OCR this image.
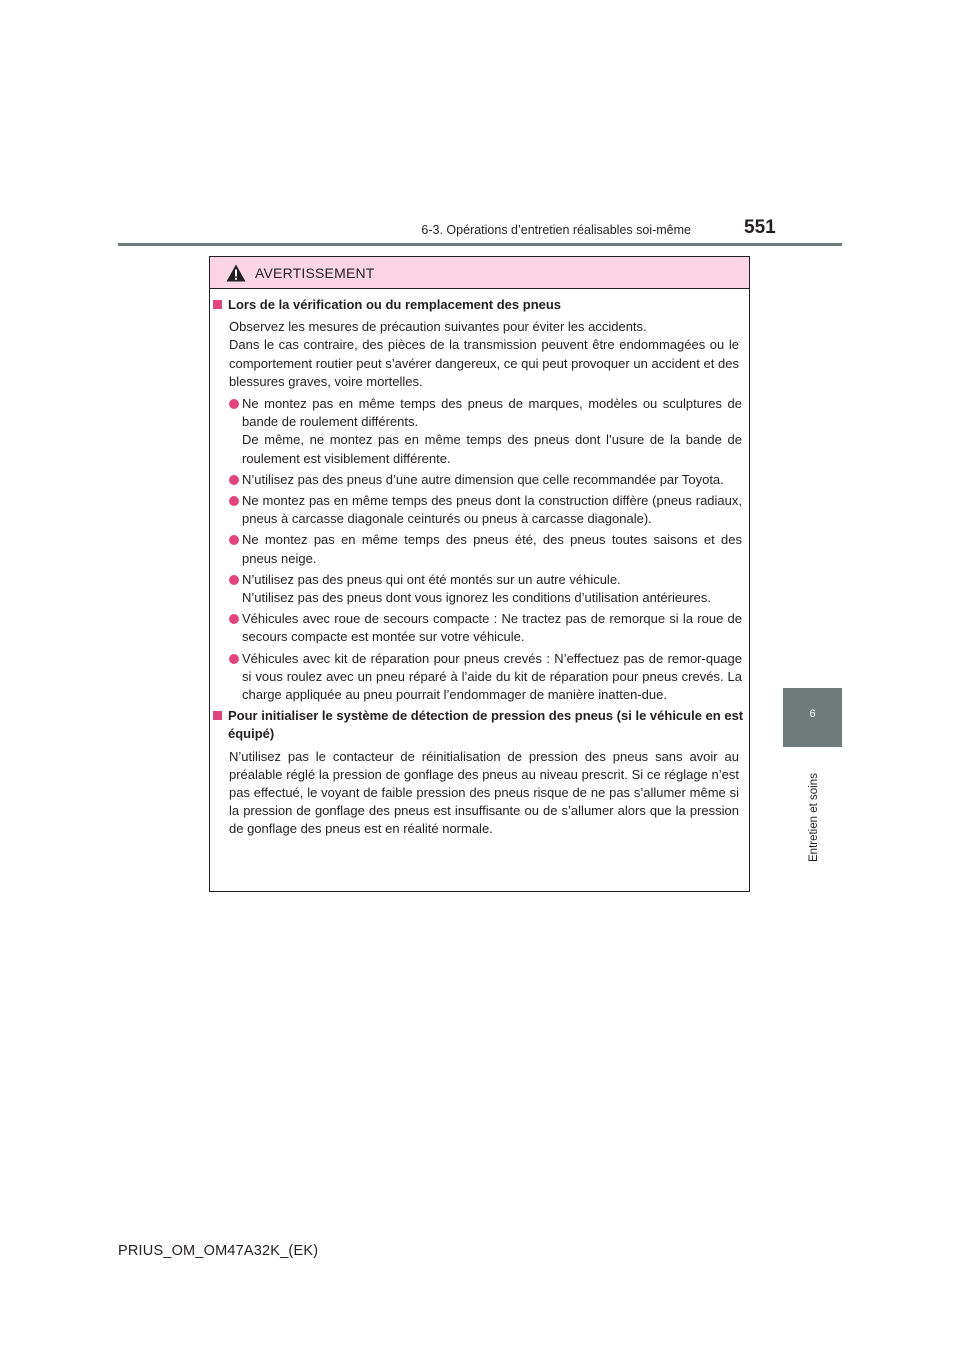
6-3. Opérations d’entretien réalisables soi-même	551
6
Entretien et soins
AVERTISSEMENT
Lors de la vérification ou du remplacement des pneus
Observez les mesures de précaution suivantes pour éviter les accidents.
Dans le cas contraire, des pièces de la transmission peuvent être endommagées ou le comportement routier peut s’avérer dangereux, ce qui peut provoquer un accident et des blessures graves, voire mortelles.
Ne montez pas en même temps des pneus de marques, modèles ou sculptures de bande de roulement différents.
De même, ne montez pas en même temps des pneus dont l’usure de la bande de roulement est visiblement différente.
N’utilisez pas des pneus d’une autre dimension que celle recommandée par Toyota.
Ne montez pas en même temps des pneus dont la construction diffère (pneus radiaux, pneus à carcasse diagonale ceinturés ou pneus à carcasse diagonale).
Ne montez pas en même temps des pneus été, des pneus toutes saisons et des pneus neige.
N’utilisez pas des pneus qui ont été montés sur un autre véhicule.
N’utilisez pas des pneus dont vous ignorez les conditions d’utilisation antérieures.
Véhicules avec roue de secours compacte : Ne tractez pas de remorque si la roue de secours compacte est montée sur votre véhicule.
Véhicules avec kit de réparation pour pneus crevés : N’effectuez pas de remor-quage si vous roulez avec un pneu réparé à l’aide du kit de réparation pour pneus crevés. La charge appliquée au pneu pourrait l’endommager de manière inatten-due.
Pour initialiser le système de détection de pression des pneus (si le véhicule en est équipé)
N’utilisez pas le contacteur de réinitialisation de pression des pneus sans avoir au préalable réglé la pression de gonflage des pneus au niveau prescrit. Si ce réglage n’est pas effectué, le voyant de faible pression des pneus risque de ne pas s’allumer même si la pression de gonflage des pneus est insuffisante ou de s’allumer alors que la pression de gonflage des pneus est en réalité normale.
PRIUS_OM_OM47A32K_(EK)
